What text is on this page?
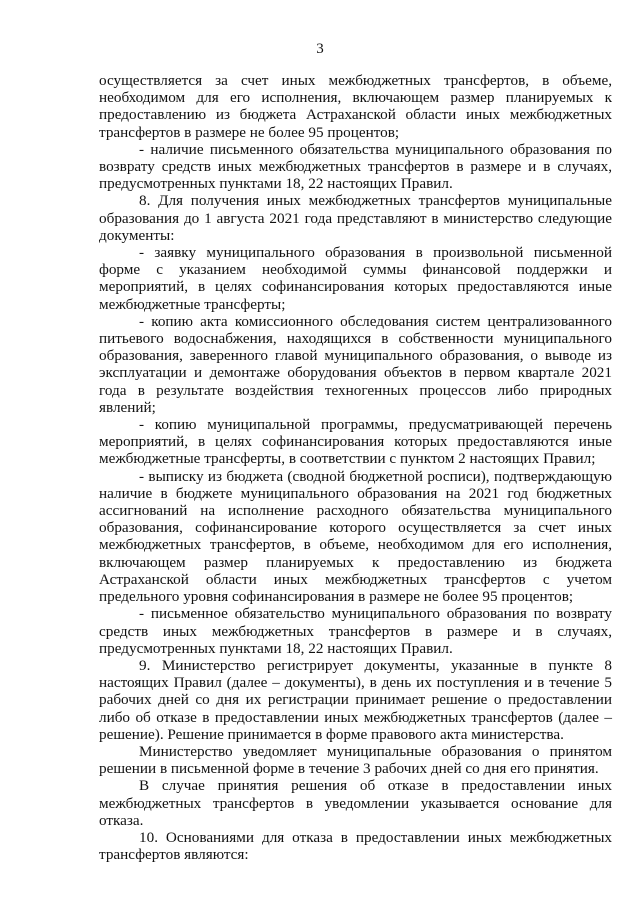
3

осуществляется за счет иных межбюджетных трансфертов, в объеме, необходимом для его исполнения, включающем размер планируемых к предоставлению из бюджета Астраханской области иных межбюджетных трансфертов в размере не более 95 процентов;

- наличие письменного обязательства муниципального образования по возврату средств иных межбюджетных трансфертов в размере и в случаях, предусмотренных пунктами 18, 22 настоящих Правил.

8. Для получения иных межбюджетных трансфертов муниципальные образования до 1 августа 2021 года представляют в министерство следующие документы:

- заявку муниципального образования в произвольной письменной форме с указанием необходимой суммы финансовой поддержки и мероприятий, в целях софинансирования которых предоставляются иные межбюджетные трансферты;

- копию акта комиссионного обследования систем централизованного питьевого водоснабжения, находящихся в собственности муниципального образования, заверенного главой муниципального образования, о выводе из эксплуатации и демонтаже оборудования объектов в первом квартале 2021 года в результате воздействия техногенных процессов либо природных явлений;

- копию муниципальной программы, предусматривающей перечень мероприятий, в целях софинансирования которых предоставляются иные межбюджетные трансферты, в соответствии с пунктом 2 настоящих Правил;

- выписку из бюджета (сводной бюджетной росписи), подтверждающую наличие в бюджете муниципального образования на 2021 год бюджетных ассигнований на исполнение расходного обязательства муниципального образования, софинансирование которого осуществляется за счет иных межбюджетных трансфертов, в объеме, необходимом для его исполнения, включающем размер планируемых к предоставлению из бюджета Астраханской области иных межбюджетных трансфертов с учетом предельного уровня софинансирования в размере не более 95 процентов;

- письменное обязательство муниципального образования по возврату средств иных межбюджетных трансфертов в размере и в случаях, предусмотренных пунктами 18, 22 настоящих Правил.

9. Министерство регистрирует документы, указанные в пункте 8 настоящих Правил (далее – документы), в день их поступления и в течение 5 рабочих дней со дня их регистрации принимает решение о предоставлении либо об отказе в предоставлении иных межбюджетных трансфертов (далее – решение). Решение принимается в форме правового акта министерства.

Министерство уведомляет муниципальные образования о принятом решении в письменной форме в течение 3 рабочих дней со дня его принятия.

В случае принятия решения об отказе в предоставлении иных межбюджетных трансфертов в уведомлении указывается основание для отказа.

10. Основаниями для отказа в предоставлении иных межбюджетных трансфертов являются:
